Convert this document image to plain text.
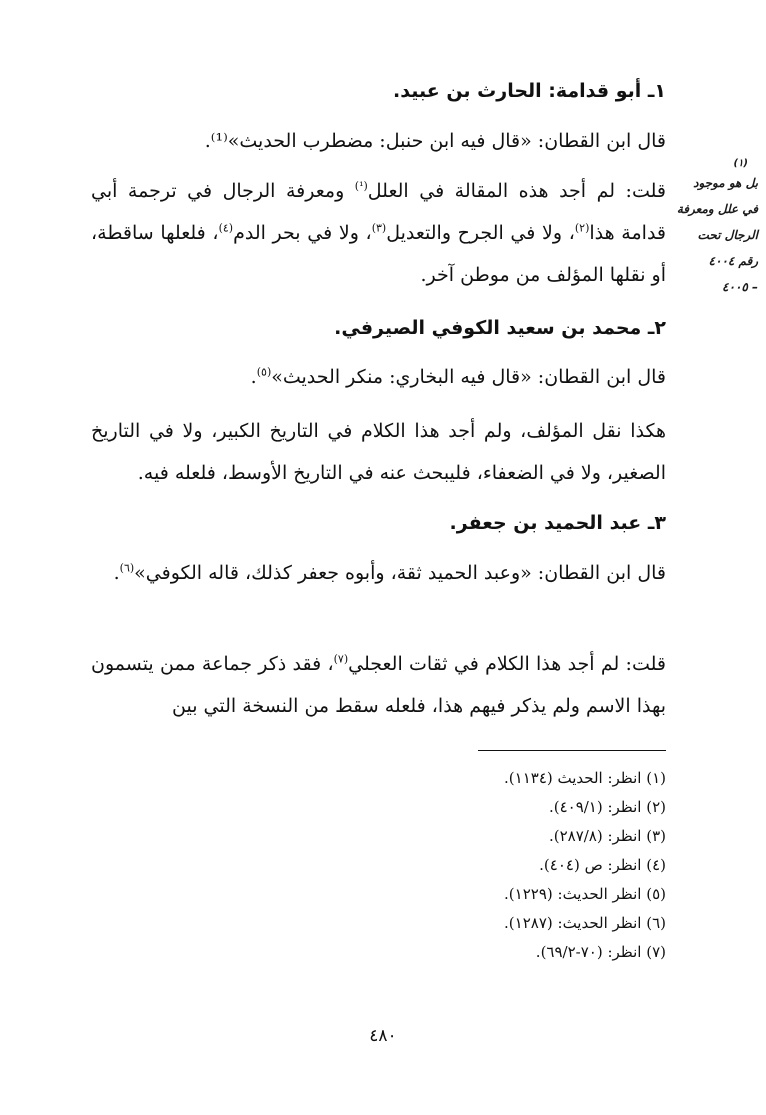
١ـ أبو قدامة: الحارث بن عبيد.
قال ابن القطان: «قال فيه ابن حنبل: مضطرب الحديث»⁽¹⁾.
قلت: لم أجد هذه المقالة في العلل$^{(^1)}$ ومعرفة الرجال في ترجمة أبي قدامة هذا$^{(٢)}$، ولا في الجرح والتعديل$^{(٣)}$، ولا في بحر الدم$^{(٤)}$، فلعلها ساقطة، أو نقلها المؤلف من موطن آخر.
٢ـ محمد بن سعيد الكوفي الصيرفي.
قال ابن القطان: «قال فيه البخاري: منكر الحديث»$^{(٥)}$.
هكذا نقل المؤلف، ولم أجد هذا الكلام في التاريخ الكبير، ولا في التاريخ الصغير، ولا في الضعفاء، فليبحث عنه في التاريخ الأوسط، فلعله فيه.
٣ـ عبد الحميد بن جعفر.
قال ابن القطان: «وعبد الحميد ثقة، وأبوه جعفر كذلك، قاله الكوفي»$^{(٦)}$.
قلت: لم أجد هذا الكلام في ثقات العجلي$^{(٧)}$، فقد ذكر جماعة ممن يتسمون بهذا الاسم ولم يذكر فيهم هذا، فلعله سقط من النسخة التي بين
(١)
بل هو موجود
في علل ومعرفة
الرجال تحت
رقم ٤٠٠٤
– ٤٠٠٥
(١) انظر: الحديث (١١٣٤).
(٢) انظر: (٤٠٩/١).
(٣) انظر: (٢٨٧/٨).
(٤) انظر: ص (٤٠٤).
(٥) انظر الحديث: (١٢٢٩).
(٦) انظر الحديث: (١٢٨٧).
(٧) انظر: (٧٠-٦٩/٢).
٤٨٠
